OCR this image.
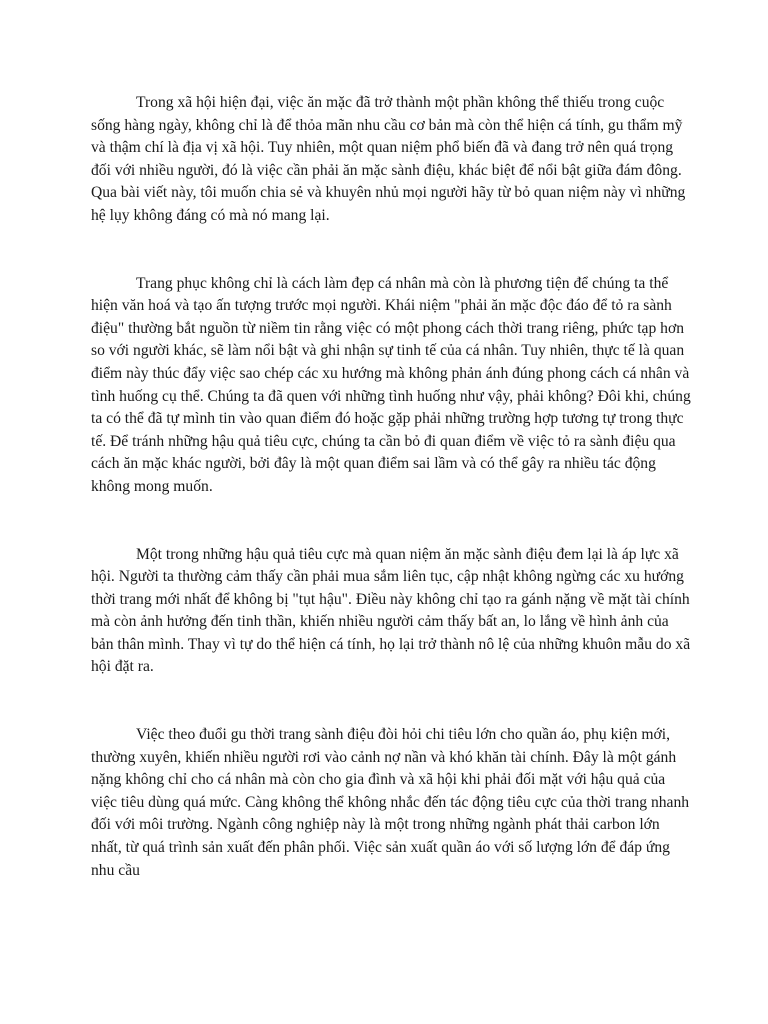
Trong xã hội hiện đại, việc ăn mặc đã trở thành một phần không thể thiếu trong cuộc sống hàng ngày, không chỉ là để thỏa mãn nhu cầu cơ bản mà còn thể hiện cá tính, gu thẩm mỹ và thậm chí là địa vị xã hội. Tuy nhiên, một quan niệm phổ biến đã và đang trở nên quá trọng đối với nhiều người, đó là việc cần phải ăn mặc sành điệu, khác biệt để nổi bật giữa đám đông. Qua bài viết này, tôi muốn chia sẻ và khuyên nhủ mọi người hãy từ bỏ quan niệm này vì những hệ lụy không đáng có mà nó mang lại.

Trang phục không chỉ là cách làm đẹp cá nhân mà còn là phương tiện để chúng ta thể hiện văn hoá và tạo ấn tượng trước mọi người. Khái niệm "phải ăn mặc độc đáo để tỏ ra sành điệu" thường bắt nguồn từ niềm tin rằng việc có một phong cách thời trang riêng, phức tạp hơn so với người khác, sẽ làm nổi bật và ghi nhận sự tinh tế của cá nhân. Tuy nhiên, thực tế là quan điểm này thúc đẩy việc sao chép các xu hướng mà không phản ánh đúng phong cách cá nhân và tình huống cụ thể. Chúng ta đã quen với những tình huống như vậy, phải không? Đôi khi, chúng ta có thể đã tự mình tin vào quan điểm đó hoặc gặp phải những trường hợp tương tự trong thực tế. Để tránh những hậu quả tiêu cực, chúng ta cần bỏ đi quan điểm về việc tỏ ra sành điệu qua cách ăn mặc khác người, bởi đây là một quan điểm sai lầm và có thể gây ra nhiều tác động không mong muốn.

Một trong những hậu quả tiêu cực mà quan niệm ăn mặc sành điệu đem lại là áp lực xã hội. Người ta thường cảm thấy cần phải mua sắm liên tục, cập nhật không ngừng các xu hướng thời trang mới nhất để không bị "tụt hậu". Điều này không chỉ tạo ra gánh nặng về mặt tài chính mà còn ảnh hưởng đến tinh thần, khiến nhiều người cảm thấy bất an, lo lắng về hình ảnh của bản thân mình. Thay vì tự do thể hiện cá tính, họ lại trở thành nô lệ của những khuôn mẫu do xã hội đặt ra.

Việc theo đuổi gu thời trang sành điệu đòi hỏi chi tiêu lớn cho quần áo, phụ kiện mới, thường xuyên, khiến nhiều người rơi vào cảnh nợ nần và khó khăn tài chính. Đây là một gánh nặng không chỉ cho cá nhân mà còn cho gia đình và xã hội khi phải đối mặt với hậu quả của việc tiêu dùng quá mức. Càng không thể không nhắc đến tác động tiêu cực của thời trang nhanh đối với môi trường. Ngành công nghiệp này là một trong những ngành phát thải carbon lớn nhất, từ quá trình sản xuất đến phân phối. Việc sản xuất quần áo với số lượng lớn để đáp ứng nhu cầu
